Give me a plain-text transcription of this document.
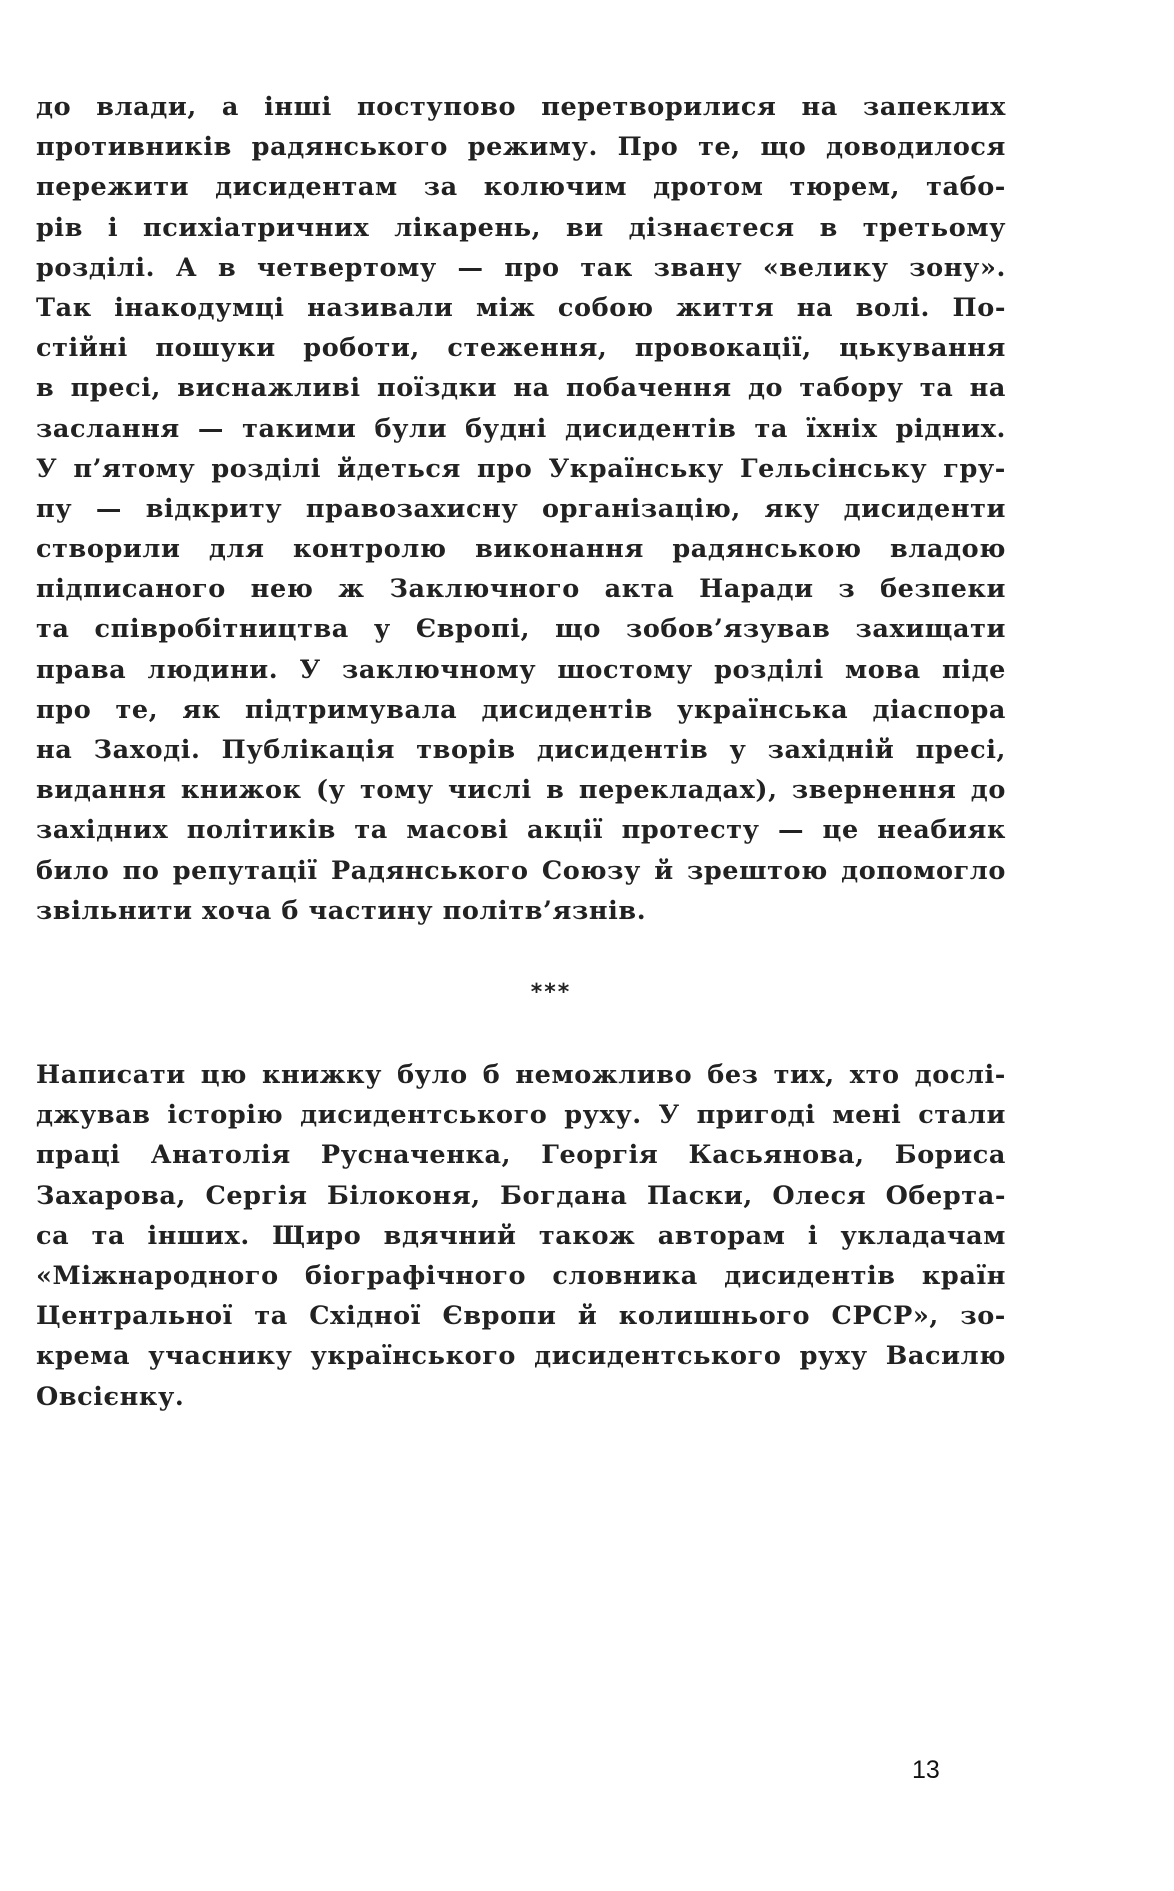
до влади, а інші поступово перетворилися на запеклих
противників радянського режиму. Про те, що доводилося
пережити дисидентам за колючим дротом тюрем, табо-
рів і психіатричних лікарень, ви дізнаєтеся в третьому
розділі. А в четвертому — про так звану «велику зону».
Так інакодумці називали між собою життя на волі. По-
стійні пошуки роботи, стеження, провокації, цькування
в пресі, виснажливі поїздки на побачення до табору та на
заслання — такими були будні дисидентів та їхніх рідних.
У п’ятому розділі йдеться про Українську Гельсінську гру-
пу — відкриту правозахисну організацію, яку дисиденти
створили для контролю виконання радянською владою
підписаного нею ж Заключного акта Наради з безпеки
та співробітництва у Європі, що зобов’язував захищати
права людини. У заключному шостому розділі мова піде
про те, як підтримувала дисидентів українська діаспора
на Заході. Публікація творів дисидентів у західній пресі,
видання книжок (у тому числі в перекладах), звернення до
західних політиків та масові акції протесту — це неабияк
било по репутації Радянського Союзу й зрештою допомогло
звільнити хоча б частину політв’язнів.
***
Написати цю книжку було б неможливо без тих, хто дослі-
джував історію дисидентського руху. У пригоді мені стали
праці Анатолія Русначенка, Георгія Касьянова, Бориса
Захарова, Сергія Білоконя, Богдана Паски, Олеся Оберта-
са та інших. Щиро вдячний також авторам і укладачам
«Міжнародного біографічного словника дисидентів країн
Центральної та Східної Європи й колишнього СРСР», зо-
крема учаснику українського дисидентського руху Василю
Овсієнку.
13
